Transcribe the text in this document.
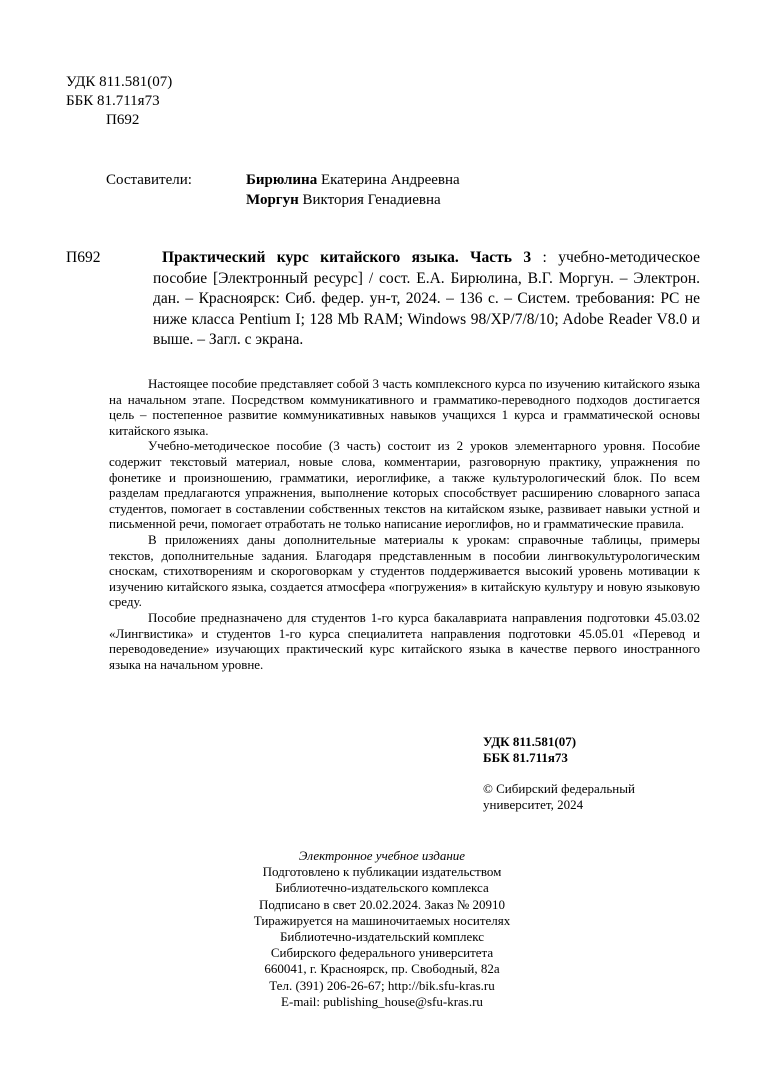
УДК 811.581(07)
ББК 81.711я73
П692
Составители:	Бирюлина Екатерина Андреевна
Моргун Виктория Генадиевна
П692	Практический курс китайского языка. Часть 3 : учебно-методическое пособие [Электронный ресурс] / сост. Е.А. Бирюлина, В.Г. Моргун. – Электрон. дан. – Красноярск: Сиб. федер. ун-т, 2024. – 136 с. – Систем. требования: PC не ниже класса Pentium I; 128 Mb RAM; Windows 98/XP/7/8/10; Adobe Reader V8.0 и выше. – Загл. с экрана.

Настоящее пособие представляет собой 3 часть комплексного курса по изучению китайского языка на начальном этапе. Посредством коммуникативного и грамматико-переводного подходов достигается цель – постепенное развитие коммуникативных навыков учащихся 1 курса и грамматической основы китайского языка.

Учебно-методическое пособие (3 часть) состоит из 2 уроков элементарного уровня. Пособие содержит текстовый материал, новые слова, комментарии, разговорную практику, упражнения по фонетике и произношению, грамматики, иероглифике, а также культурологический блок. По всем разделам предлагаются упражнения, выполнение которых способствует расширению словарного запаса студентов, помогает в составлении собственных текстов на китайском языке, развивает навыки устной и письменной речи, помогает отработать не только написание иероглифов, но и грамматические правила.

В приложениях даны дополнительные материалы к урокам: справочные таблицы, примеры текстов, дополнительные задания. Благодаря представленным в пособии лингвокультурологическим сноскам, стихотворениям и скороговоркам у студентов поддерживается высокий уровень мотивации к изучению китайского языка, создается атмосфера «погружения» в китайскую культуру и новую языковую среду.

Пособие предназначено для студентов 1-го курса бакалавриата направления подготовки 45.03.02 «Лингвистика» и студентов 1-го курса специалитета направления подготовки 45.05.01 «Перевод и переводоведение» изучающих практический курс китайского языка в качестве первого иностранного языка на начальном уровне.

УДК 811.581(07)
ББК 81.711я73
© Сибирский федеральный
университет, 2024
Электронное учебное издание
Подготовлено к публикации издательством
Библиотечно-издательского комплекса
Подписано в свет 20.02.2024. Заказ № 20910
Тиражируется на машиночитаемых носителях
Библиотечно-издательский комплекс
Сибирского федерального университета
660041, г. Красноярск, пр. Свободный, 82а
Тел. (391) 206-26-67; http://bik.sfu-kras.ru
E-mail: publishing_house@sfu-kras.ru
